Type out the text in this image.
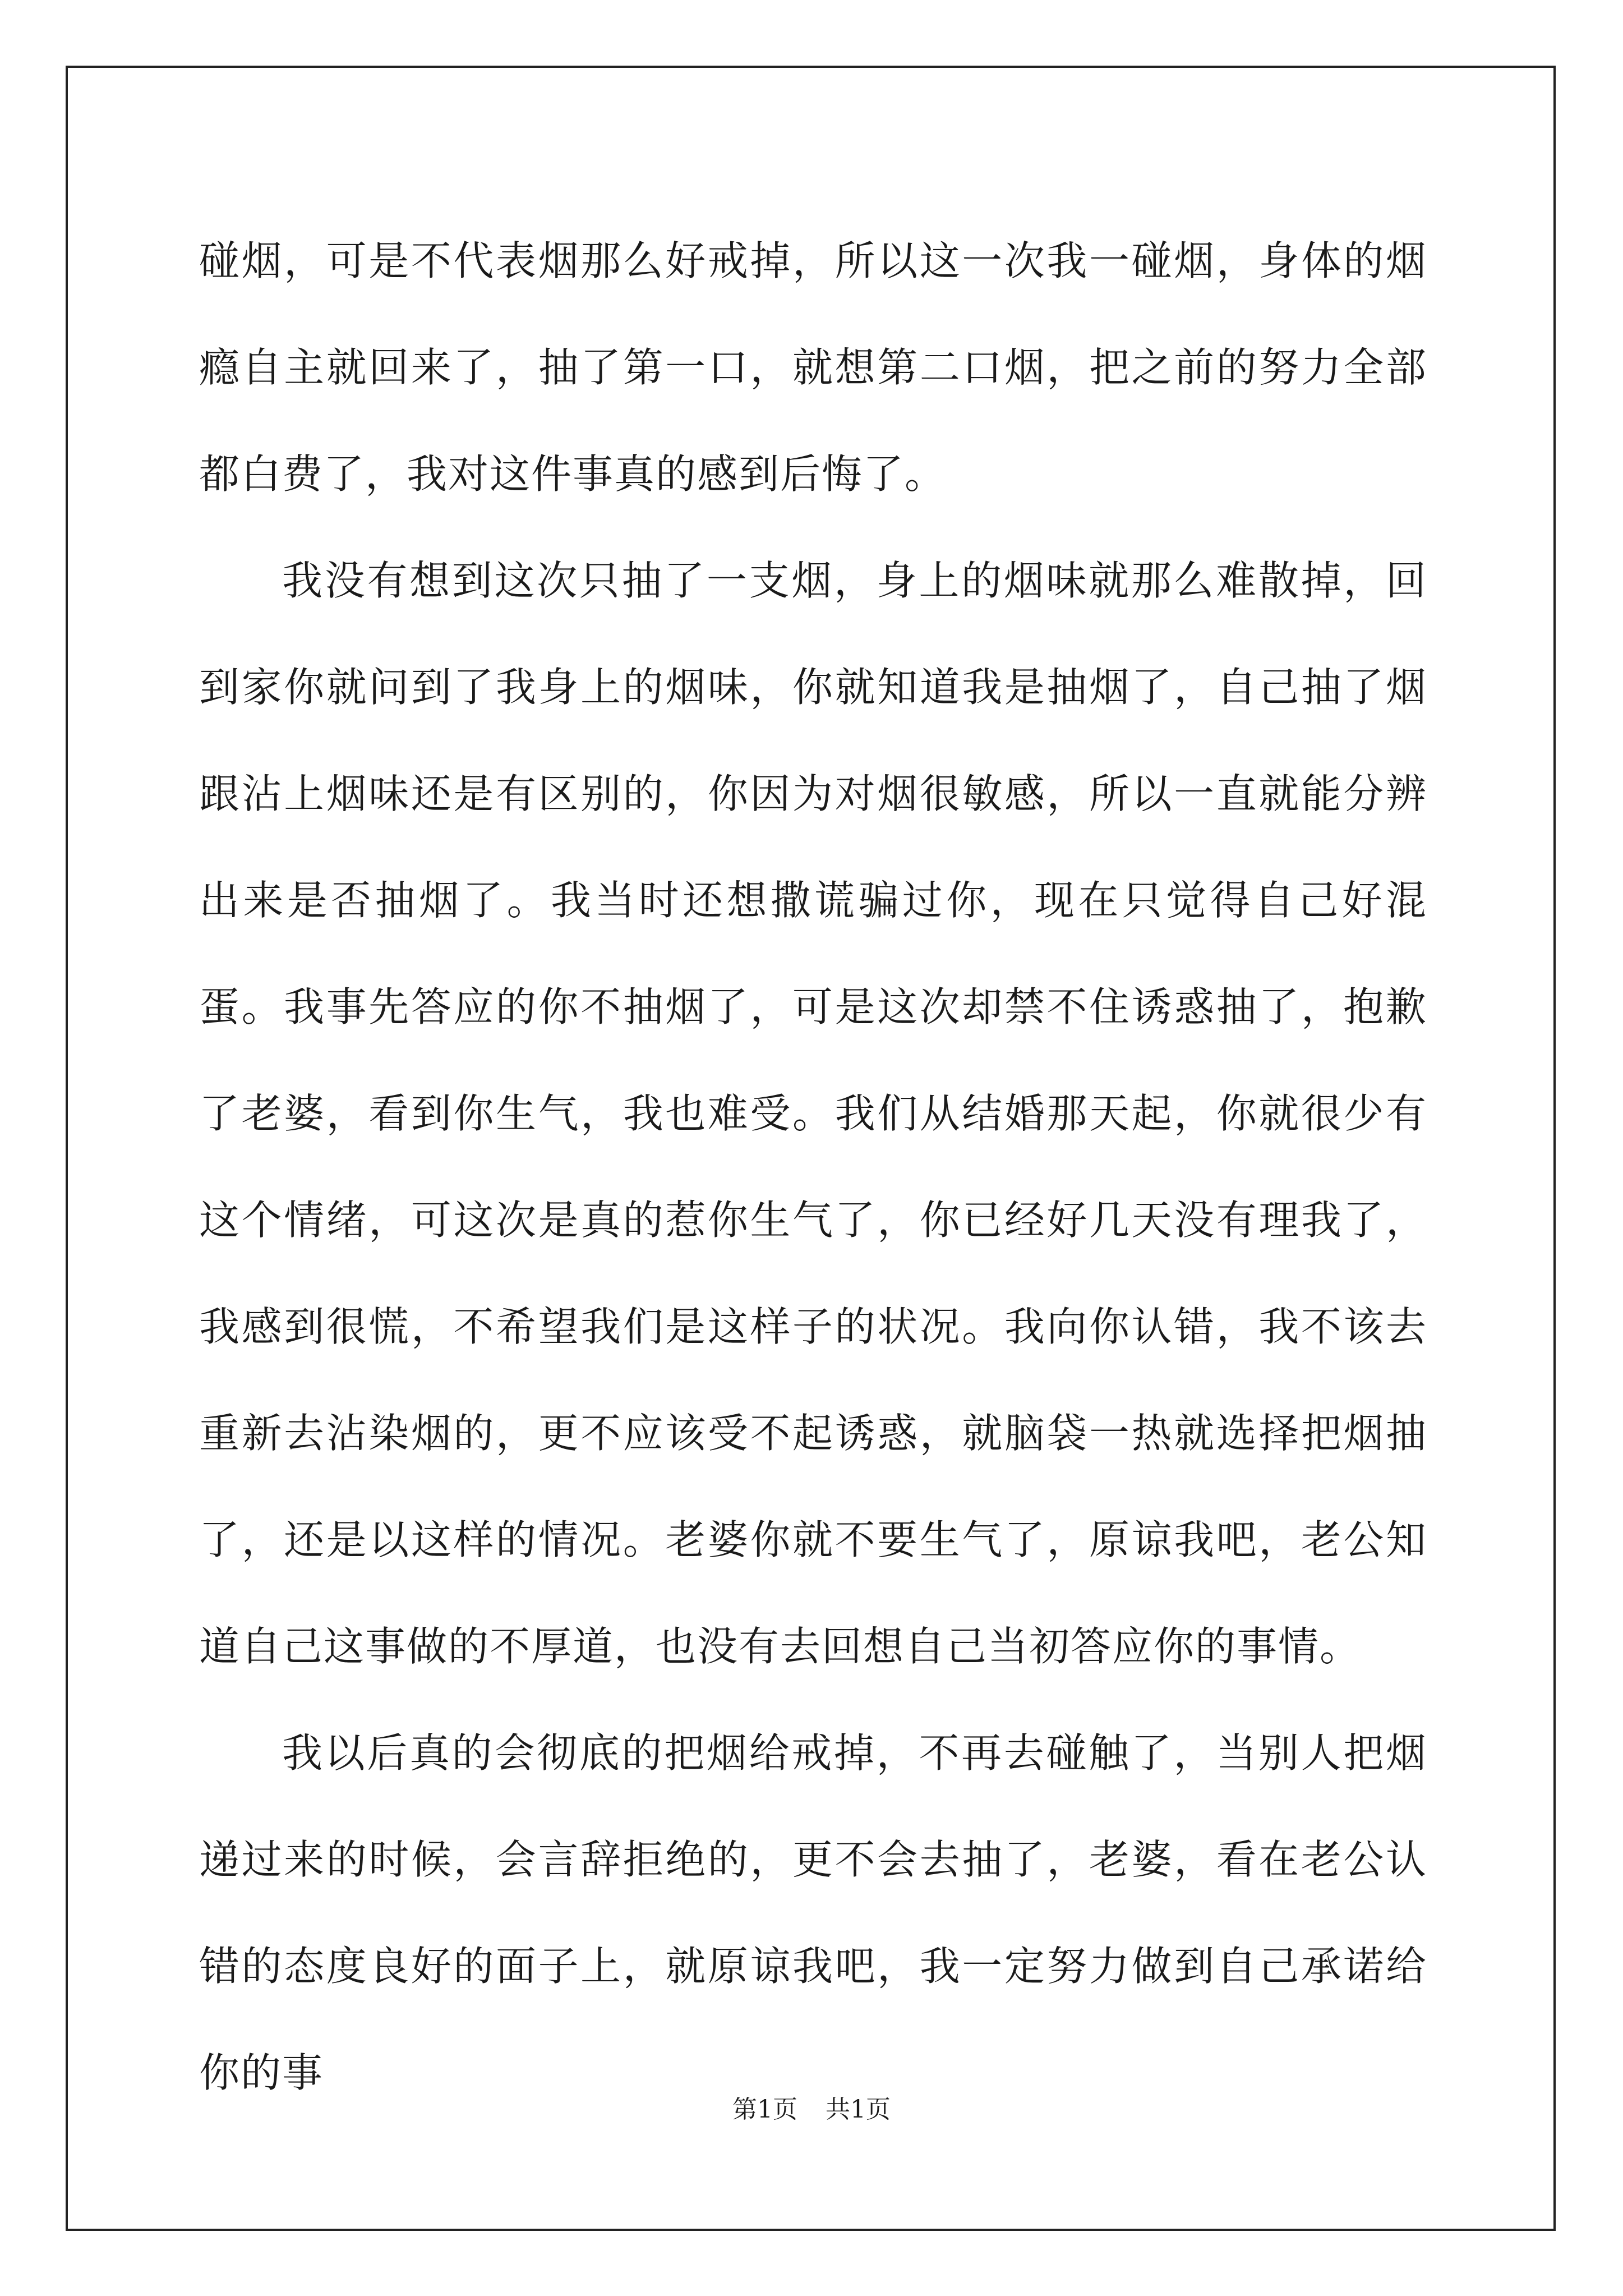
碰烟，可是不代表烟那么好戒掉，所以这一次我一碰烟，身体的烟瘾自主就回来了，抽了第一口，就想第二口烟，把之前的努力全部都白费了，我对这件事真的感到后悔了。

我没有想到这次只抽了一支烟，身上的烟味就那么难散掉，回到家你就问到了我身上的烟味，你就知道我是抽烟了，自己抽了烟跟沾上烟味还是有区别的，你因为对烟很敏感，所以一直就能分辨出来是否抽烟了。我当时还想撒谎骗过你，现在只觉得自己好混蛋。我事先答应的你不抽烟了，可是这次却禁不住诱惑抽了，抱歉了老婆，看到你生气，我也难受。我们从结婚那天起，你就很少有这个情绪，可这次是真的惹你生气了，你已经好几天没有理我了，我感到很慌，不希望我们是这样子的状况。我向你认错，我不该去重新去沾染烟的，更不应该受不起诱惑，就脑袋一热就选择把烟抽了，还是以这样的情况。老婆你就不要生气了，原谅我吧，老公知道自己这事做的不厚道，也没有去回想自己当初答应你的事情。

我以后真的会彻底的把烟给戒掉，不再去碰触了，当别人把烟递过来的时候，会言辞拒绝的，更不会去抽了，老婆，看在老公认错的态度良好的面子上，就原谅我吧，我一定努力做到自己承诺给你的事

第1页 共1页
